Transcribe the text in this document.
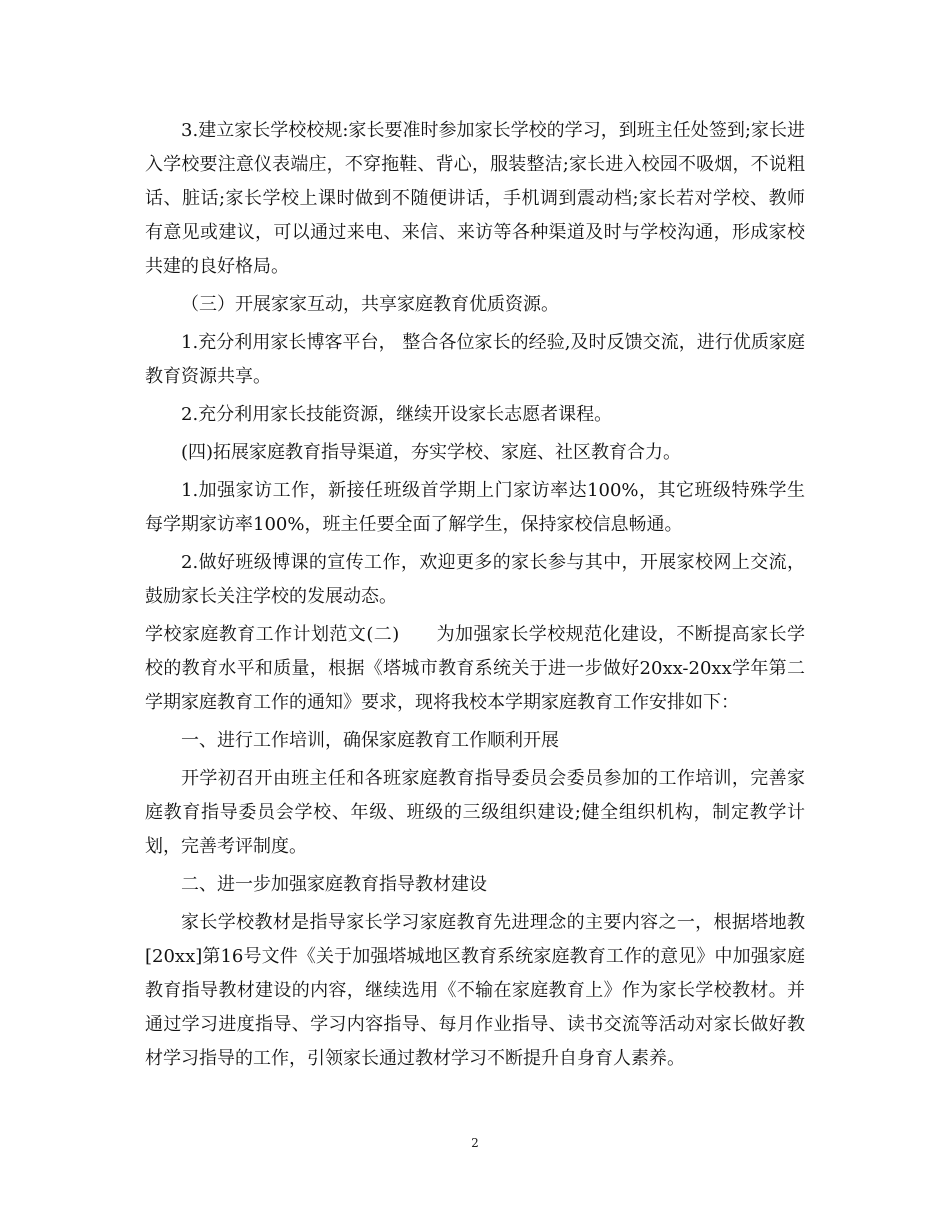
3.建立家长学校校规:家长要准时参加家长学校的学习，到班主任处签到;家长进入学校要注意仪表端庄，不穿拖鞋、背心，服装整洁;家长进入校园不吸烟，不说粗话、脏话;家长学校上课时做到不随便讲话，手机调到震动档;家长若对学校、教师有意见或建议，可以通过来电、来信、来访等各种渠道及时与学校沟通，形成家校共建的良好格局。

（三）开展家家互动，共享家庭教育优质资源。

1.充分利用家长博客平台， 整合各位家长的经验,及时反馈交流，进行优质家庭教育资源共享。

2.充分利用家长技能资源，继续开设家长志愿者课程。

(四)拓展家庭教育指导渠道，夯实学校、家庭、社区教育合力。

1.加强家访工作，新接任班级首学期上门家访率达100%，其它班级特殊学生每学期家访率100%，班主任要全面了解学生，保持家校信息畅通。

2.做好班级博课的宣传工作，欢迎更多的家长参与其中，开展家校网上交流，鼓励家长关注学校的发展动态。

学校家庭教育工作计划范文(二)　　为加强家长学校规范化建设，不断提高家长学校的教育水平和质量，根据《塔城市教育系统关于进一步做好20xx-20xx学年第二学期家庭教育工作的通知》要求，现将我校本学期家庭教育工作安排如下：

一、进行工作培训，确保家庭教育工作顺利开展

开学初召开由班主任和各班家庭教育指导委员会委员参加的工作培训，完善家庭教育指导委员会学校、年级、班级的三级组织建设;健全组织机构，制定教学计划，完善考评制度。

二、进一步加强家庭教育指导教材建设

家长学校教材是指导家长学习家庭教育先进理念的主要内容之一，根据塔地教[20xx]第16号文件《关于加强塔城地区教育系统家庭教育工作的意见》中加强家庭教育指导教材建设的内容，继续选用《不输在家庭教育上》作为家长学校教材。并通过学习进度指导、学习内容指导、每月作业指导、读书交流等活动对家长做好教材学习指导的工作，引领家长通过教材学习不断提升自身育人素养。

2
